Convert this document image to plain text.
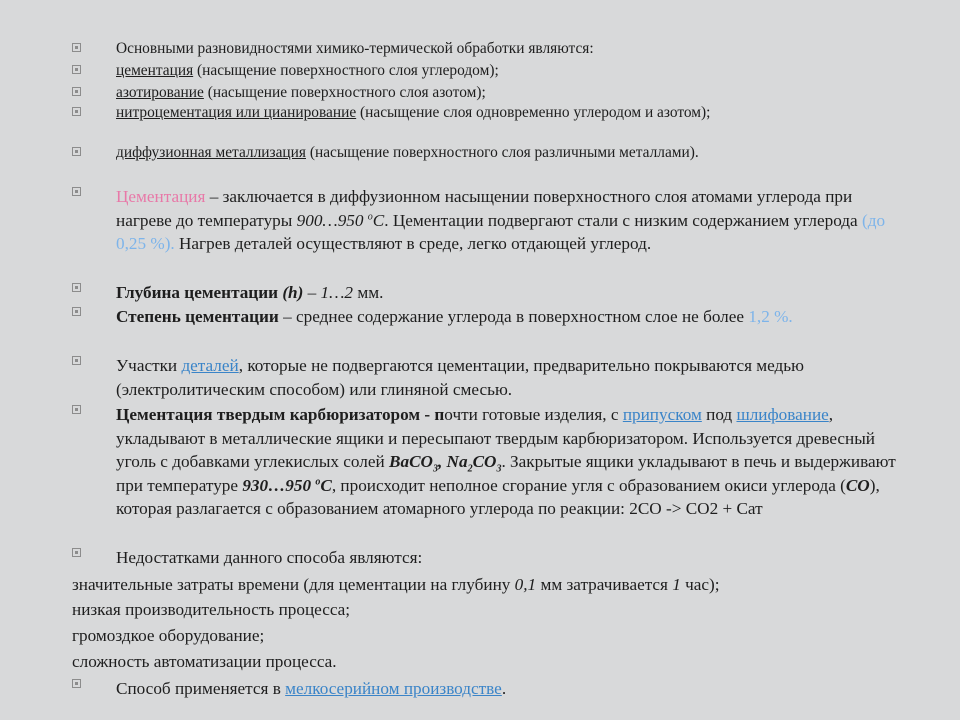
Основными разновидностями химико-термической обработки являются:
цементация (насыщение поверхностного слоя углеродом);
азотирование (насыщение поверхностного слоя азотом);
нитроцементация или цианирование (насыщение слоя одновременно углеродом и азотом);
диффузионная металлизация (насыщение поверхностного слоя различными металлами).
Цементация – заключается в диффузионном насыщении поверхностного слоя атомами углерода при нагреве до температуры 900…950 $^o$С. Цементации подвергают стали с низким содержанием углерода (до 0,25 %). Нагрев деталей осуществляют в среде, легко отдающей углерод.
Глубина цементации (h) – 1…2 мм.
Степень цементации – среднее содержание углерода в поверхностном слое не более 1,2 %.
Участки деталей, которые не подвергаются цементации, предварительно покрываются медью (электролитическим способом) или глиняной смесью.
Цементация твердым карбюризатором - почти готовые изделия, с припуском под шлифование, укладывают в металлические ящики и пересыпают твердым карбюризатором. Используется древесный уголь с добавками углекислых солей BaCO$_3$, $Na_2CO_3$. Закрытые ящики укладывают в печь и выдерживают при температуре 930…950 $^o$C, происходит неполное сгорание угля с образованием окиси углерода (CO), которая разлагается с образованием атомарного углерода по реакции: 2СО -> СО2 + Сат
Недостатками данного способа являются:
значительные затраты времени (для цементации на глубину 0,1 мм затрачивается 1 час);
низкая производительность процесса;
громоздкое оборудование;
сложность автоматизации процесса.
Способ применяется в мелкосерийном производстве.
